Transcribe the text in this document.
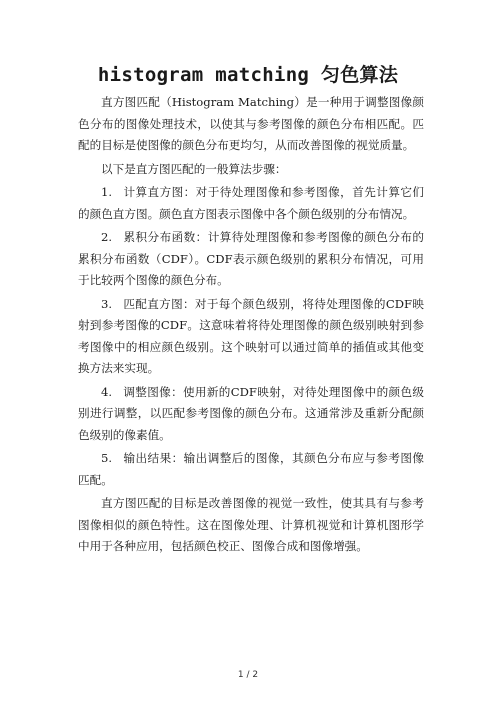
histogram matching 匀色算法

直方图匹配（Histogram Matching）是一种用于调整图像颜色分布的图像处理技术，以使其与参考图像的颜色分布相匹配。匹配的目标是使图像的颜色分布更均匀，从而改善图像的视觉质量。

以下是直方图匹配的一般算法步骤：

1. 计算直方图：对于待处理图像和参考图像，首先计算它们的颜色直方图。颜色直方图表示图像中各个颜色级别的分布情况。

2. 累积分布函数：计算待处理图像和参考图像的颜色分布的累积分布函数（CDF）。CDF表示颜色级别的累积分布情况，可用于比较两个图像的颜色分布。

3. 匹配直方图：对于每个颜色级别，将待处理图像的CDF映射到参考图像的CDF。这意味着将待处理图像的颜色级别映射到参考图像中的相应颜色级别。这个映射可以通过简单的插值或其他变换方法来实现。

4. 调整图像：使用新的CDF映射，对待处理图像中的颜色级别进行调整，以匹配参考图像的颜色分布。这通常涉及重新分配颜色级别的像素值。

5. 输出结果：输出调整后的图像，其颜色分布应与参考图像匹配。

直方图匹配的目标是改善图像的视觉一致性，使其具有与参考图像相似的颜色特性。这在图像处理、计算机视觉和计算机图形学中用于各种应用，包括颜色校正、图像合成和图像增强。

1 / 2
